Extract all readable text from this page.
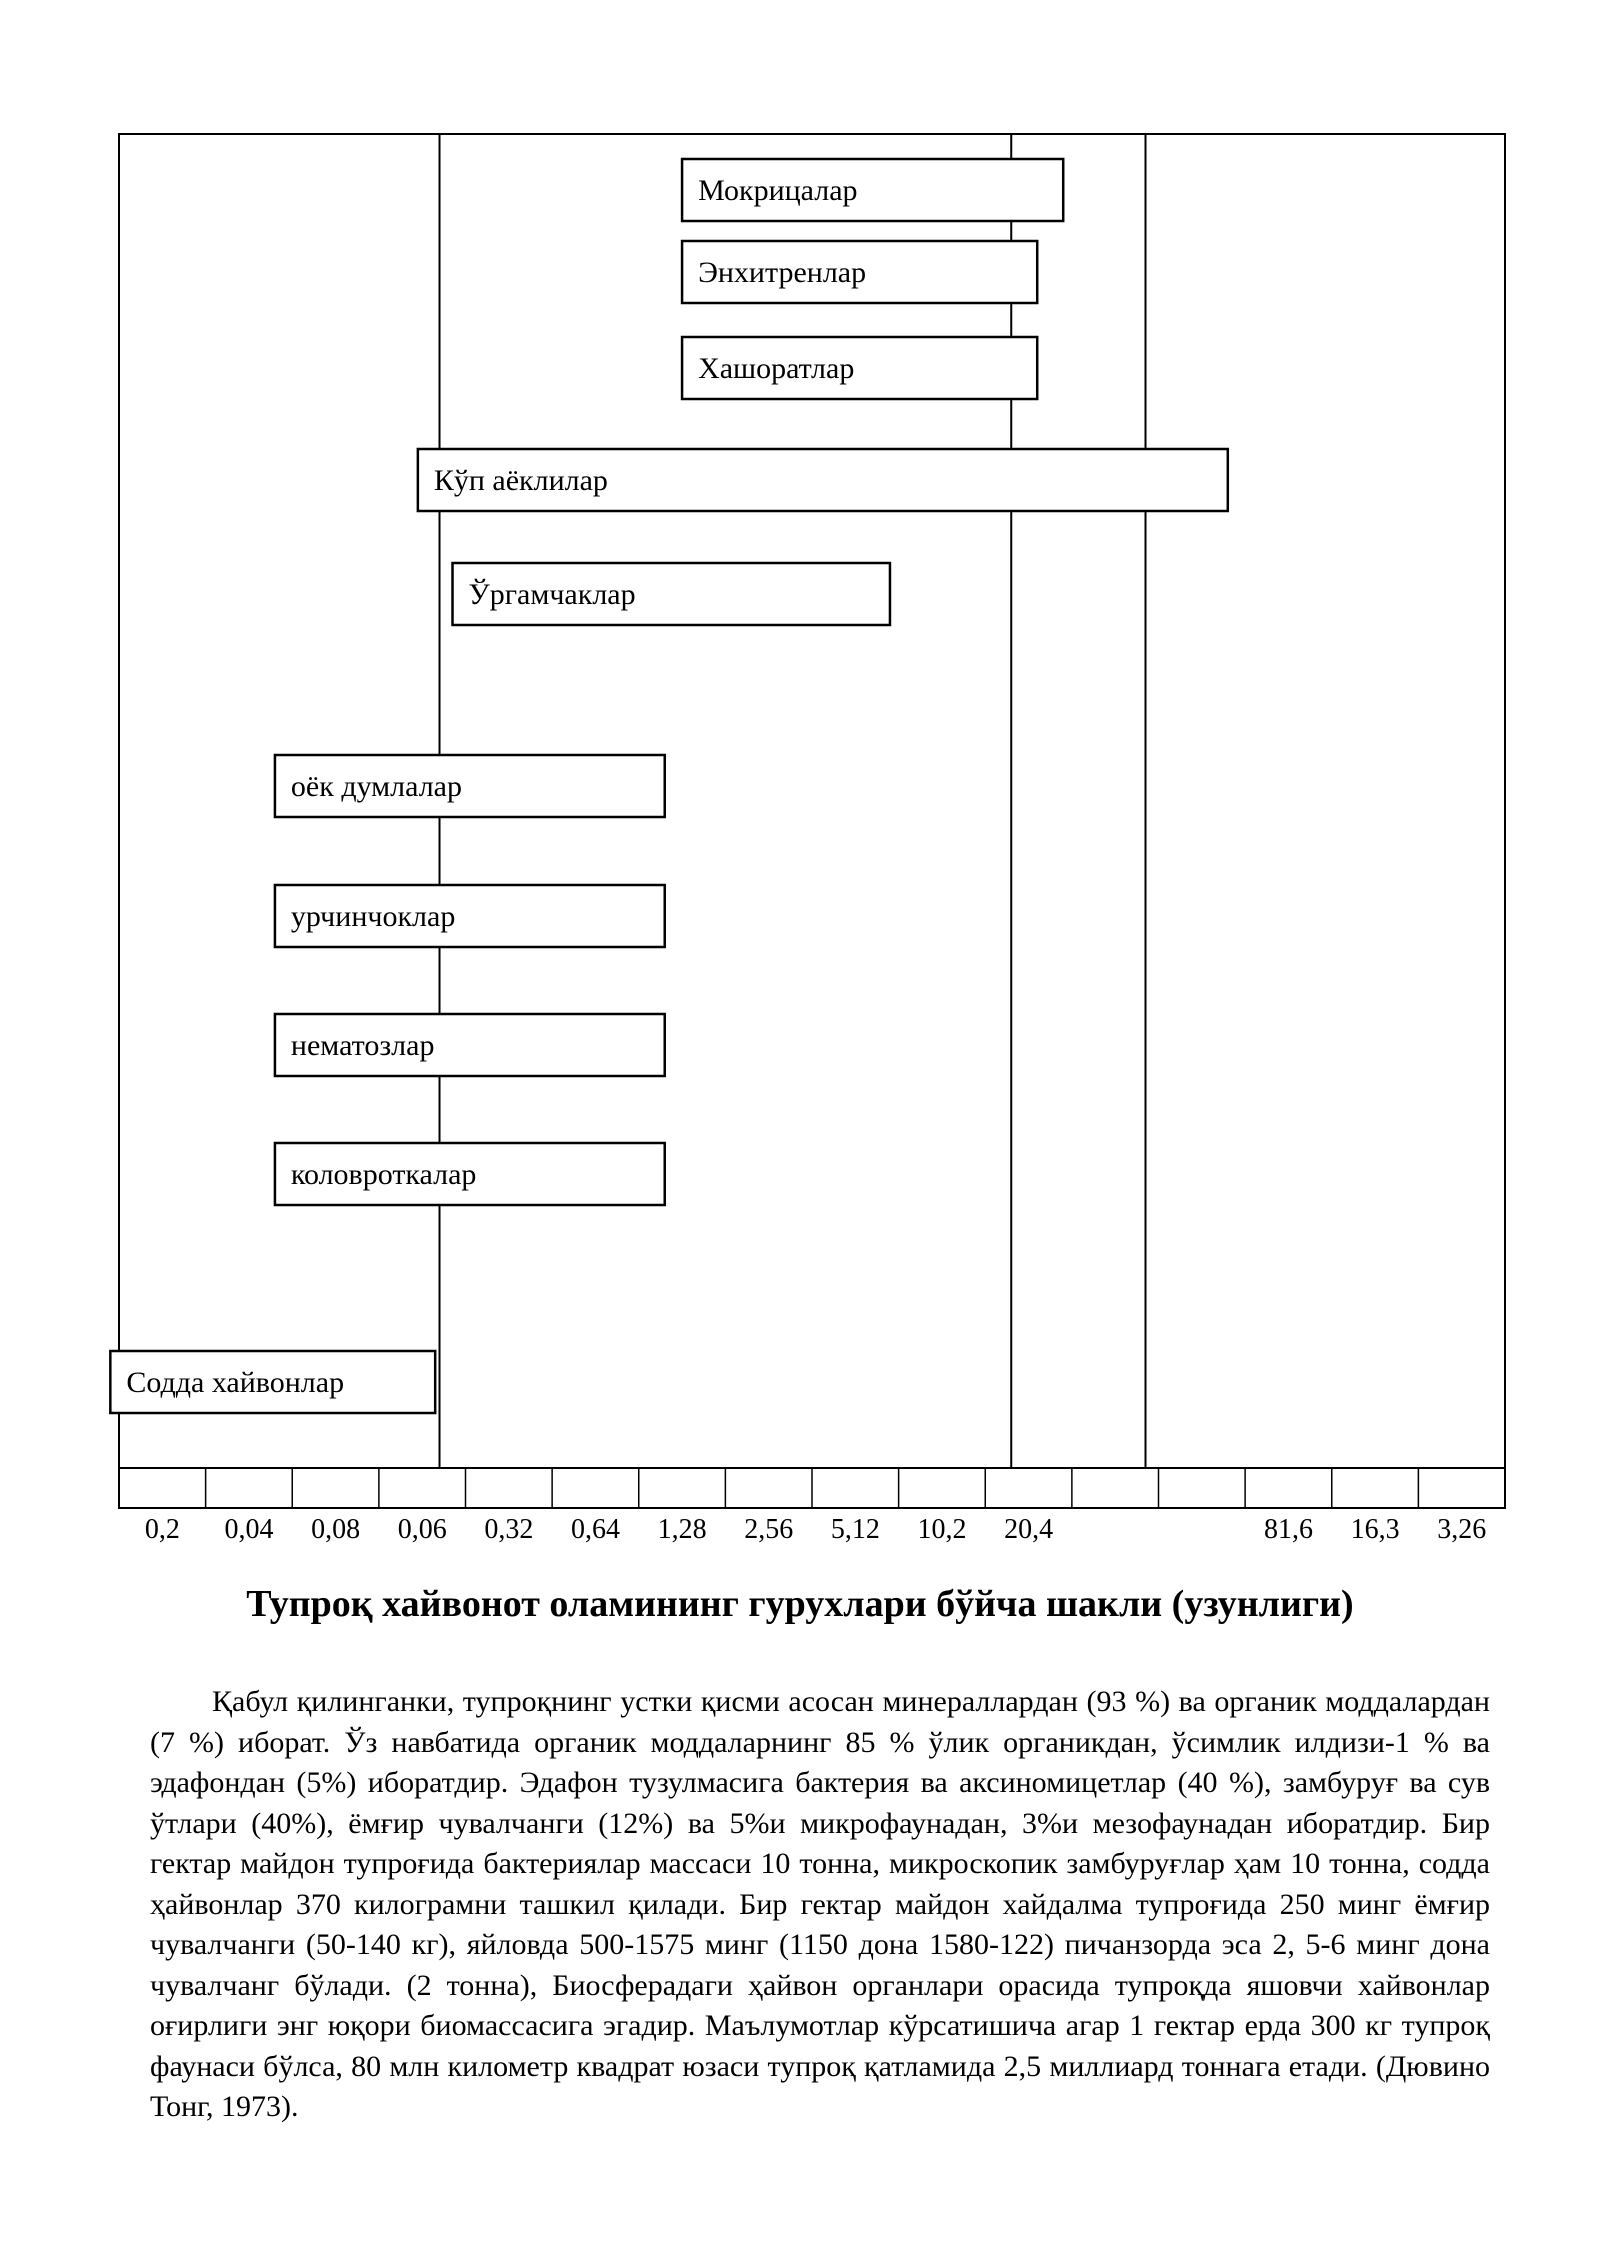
0,2 0,04 0,08 0,06 0,32 0,64 1,28 2,56 5,12 10,2 20,4	81,6 16,3 3,26
Мокрицалар
Энхитренлар
Хашоратлар
Кўп аёклилар
Ўргамчаклар
оёк думлалар
урчинчоклар
нематозлар
коловроткалар
Содда хайвонлар
Тупроқ хайвонот оламининг гурухлари бўйча шакли (узунлиги)

Қабул қилинганки, тупроқнинг устки қисми асосан минераллардан (93 %) ва органик моддалардан (7 %) иборат. Ўз навбатида органик моддаларнинг 85 % ўлик органикдан, ўсимлик илдизи-1 % ва эдафондан (5%) иборатдир. Эдафон тузулмасига бактерия ва аксиномицетлар (40 %), замбуруғ ва сув ўтлари (40%), ёмғир чувалчанги (12%) ва 5%и микрофаунадан, 3%и мезофаунадан иборатдир. Бир гектар майдон тупроғида бактериялар массаси 10 тонна, микроскопик замбуруғлар ҳам 10 тонна, содда ҳайвонлар 370 килограмни ташкил қилади. Бир гектар майдон хайдалма тупроғида 250 минг ёмғир чувалчанги (50-140 кг), яйловда 500-1575 минг (1150 дона 1580-122) пичанзорда эса 2, 5-6 минг дона чувалчанг бўлади. (2 тонна), Биосферадаги ҳайвон органлари орасида тупроқда яшовчи хайвонлар оғирлиги энг юқори биомассасига эгадир. Маълумотлар кўрсатишича агар 1 гектар ерда 300 кг тупроқ фаунаси бўлса, 80 млн километр квадрат юзаси тупроқ қатламида 2,5 миллиард тоннага етади. (Дювино Тонг, 1973).
